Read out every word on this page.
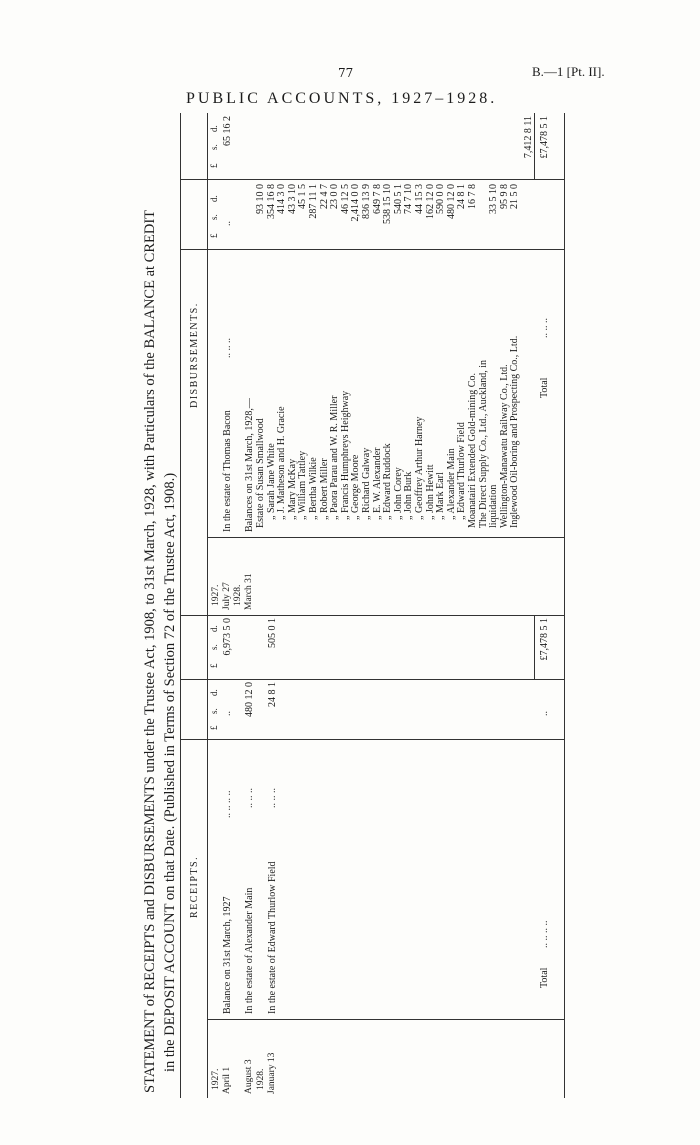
77	B.—1 [Pt. II].
PUBLIC ACCOUNTS, 1927–1928.
STATEMENT of RECEIPTS and DISBURSEMENTS under the Trustee Act, 1908, to 31st March, 1928, with Particulars of the BALANCE at CREDIT in the DEPOSIT ACCOUNT on that Date. (Published in Terms of Section 72 of the Trustee Act, 1908.) RECEIPTS.
£
s.
d.
£
s.
d.
1927. April 1
Balance on 31st March, 1927
.. .. .. ..
..
6,973 5 0
August 3
In the estate of Alexander Main
.. .. ..
480 12 0
1928. January 13
In the estate of Edward Thurlow Field
.. .. ..
24 8 1
505 0 1
Total
.. .. .. ..
..
£7,478 5 1
DISBURSEMENTS.
£
s.
d.
£
s.
d.
1927. July 27
In the estate of Thomas Bacon
.. .. ..
..
65 16 2
1928. March 31
Balances on 31st March, 1928,—
7,412 8 11
Total
.. .. ..
£7,478 5 1
Estate of Susan Smallwood
93 10 0
„ Sarah Jane White
354 16 8
„ J. Matheson and H. Gracie
414 3 0
„ Mary McKay
43 3 10
„ William Tattley
45 1 5
„ Bertha Wilkie
287 11 1
„ Robert Miller
22 4 7
„ Paora Parau and W. R. Miller
23 0 0
„ Francis Humphreys Heighway
46 12 5
„ George Moore
2,414 0 0
„ Richard Galway
836 13 9
„ E. W. Alexander
649 7 8
„ Edward Ruddock
538 15 10
„ John Corey
540 5 1
„ John Burk
74 7 10
„ Geoffrey Arthur Harney
44 15 3
„ John Hewitt
162 12 0
„ Mark Earl
590 0 0
„ Alexander Main
480 12 0
„ Edward Thurlow Field
24 8 1
Moanatairi Extended Gold-mining Co.
16 7 8
The Direct Supply Co., Ltd., Auckland, in liquidation
33 5 10
Wellington-Manawatu Railway Co., Ltd.
95 9 8
Inglewood Oil-boring and Prospecting Co., Ltd.
21 5 0
